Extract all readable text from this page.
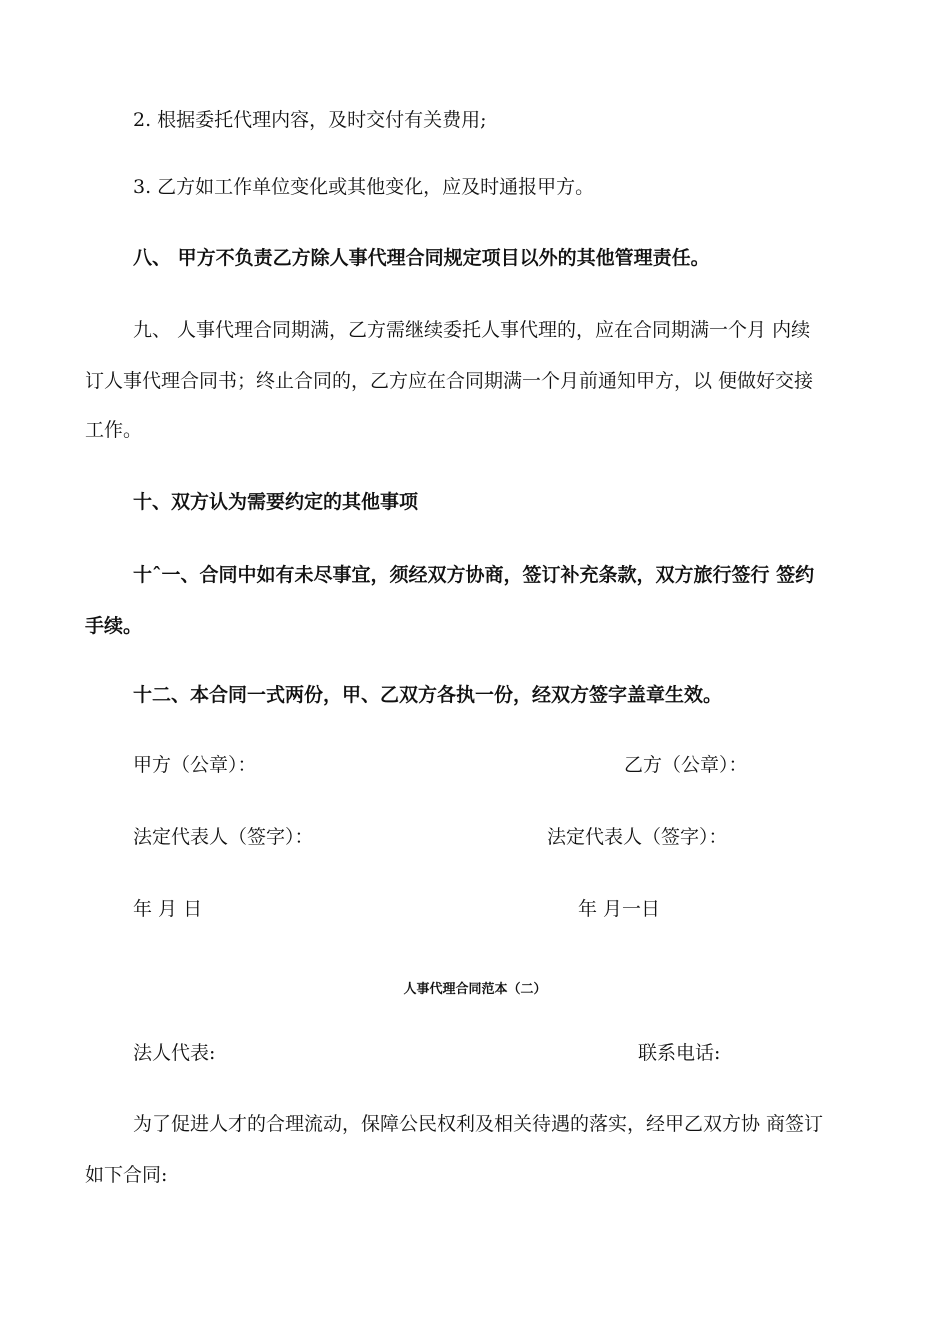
2. 根据委托代理内容，及时交付有关费用;
3. 乙方如工作单位变化或其他变化，应及时通报甲方。
八、 甲方不负责乙方除人事代理合同规定项目以外的其他管理责任。
九、 人事代理合同期满，乙方需继续委托人事代理的，应在合同期满一个月 内续
订人事代理合同书；终止合同的，乙方应在合同期满一个月前通知甲方，以 便做好交接
工作。
十、双方认为需要约定的其他事项
十ˆ一、合同中如有未尽事宜，须经双方协商，签订补充条款，双方旅行签行 签约
手续。
十二、本合同一式两份，甲、乙双方各执一份，经双方签字盖章生效。
甲方（公章）：	乙方（公章）：
法定代表人（签字）：	法定代表人（签字）：
年 月 日	年 月一日
人事代理合同范本（二）
法人代表:	联系电话:
为了促进人才的合理流动，保障公民权利及相关待遇的落实，经甲乙双方协 商签订
如下合同:
